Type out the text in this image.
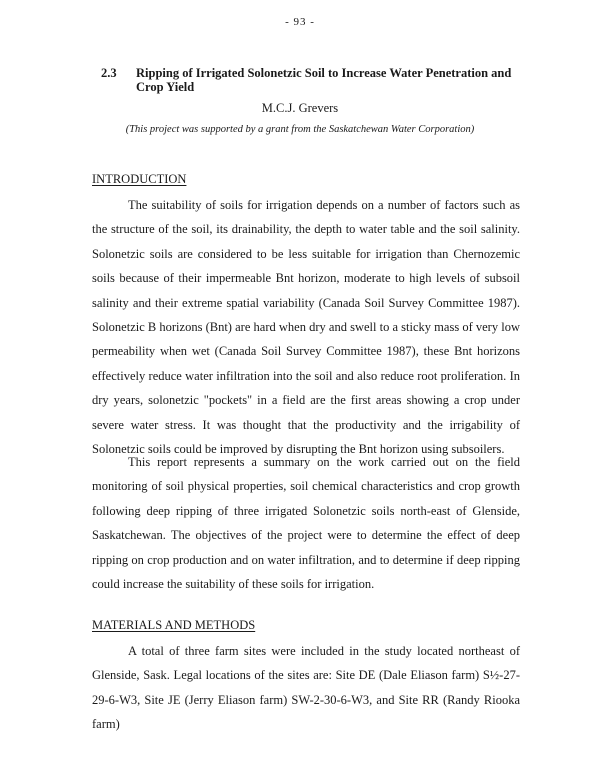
- 93 -
2.3 Ripping of Irrigated Solonetzic Soil to Increase Water Penetration and Crop Yield
M.C.J. Grevers
(This project was supported by a grant from the Saskatchewan Water Corporation)
INTRODUCTION

The suitability of soils for irrigation depends on a number of factors such as the structure of the soil, its drainability, the depth to water table and the soil salinity. Solonetzic soils are considered to be less suitable for irrigation than Chernozemic soils because of their impermeable Bnt horizon, moderate to high levels of subsoil salinity and their extreme spatial variability (Canada Soil Survey Committee 1987). Solonetzic B horizons (Bnt) are hard when dry and swell to a sticky mass of very low permeability when wet (Canada Soil Survey Committee 1987), these Bnt horizons effectively reduce water infiltration into the soil and also reduce root proliferation. In dry years, solonetzic "pockets" in a field are the first areas showing a crop under severe water stress. It was thought that the productivity and the irrigability of Solonetzic soils could be improved by disrupting the Bnt horizon using subsoilers.

This report represents a summary on the work carried out on the field monitoring of soil physical properties, soil chemical characteristics and crop growth following deep ripping of three irrigated Solonetzic soils north-east of Glenside, Saskatchewan. The objectives of the project were to determine the effect of deep ripping on crop production and on water infiltration, and to determine if deep ripping could increase the suitability of these soils for irrigation.

MATERIALS AND METHODS

A total of three farm sites were included in the study located northeast of Glenside, Sask. Legal locations of the sites are: Site DE (Dale Eliason farm) S½-27-29-6-W3, Site JE (Jerry Eliason farm) SW-2-30-6-W3, and Site RR (Randy Riooka farm)
